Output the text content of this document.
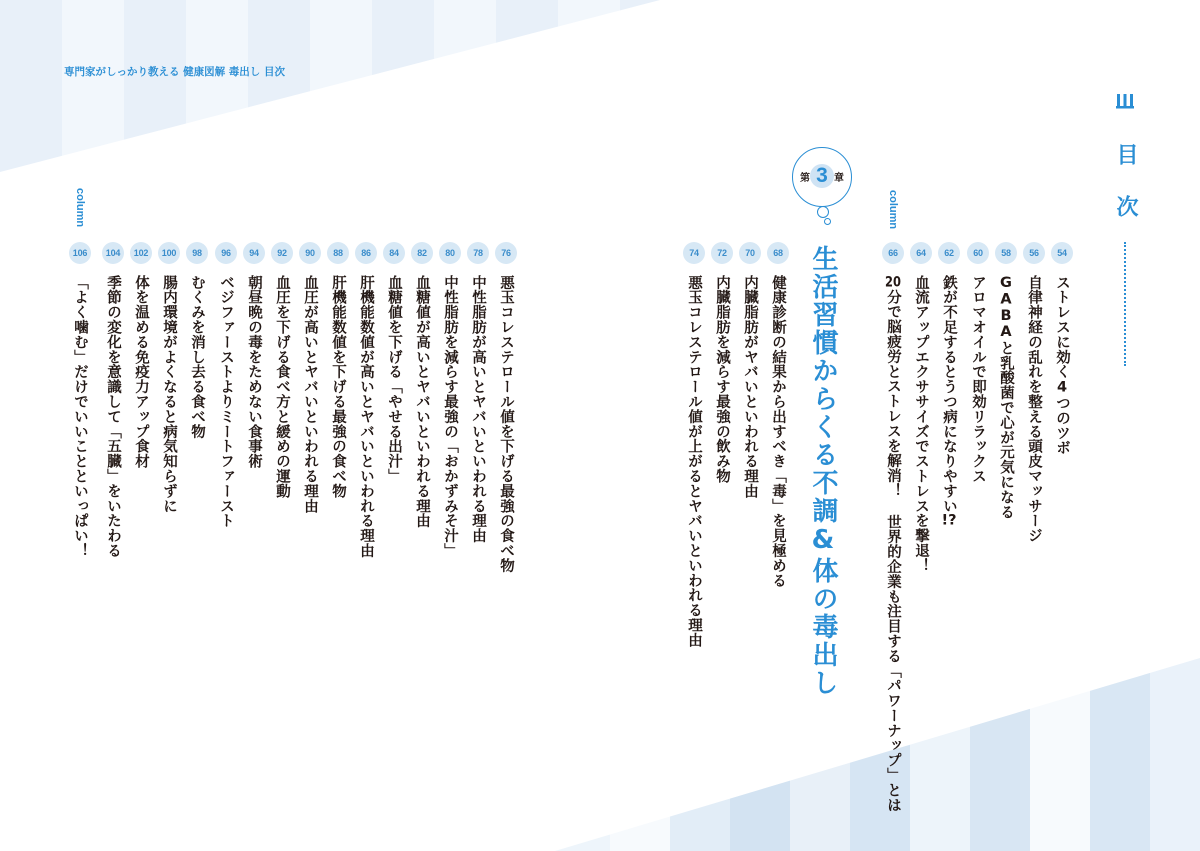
専門家がしっかり教える 健康図解 毒出し 目次
目次
column
column
第 3 章
生活習慣からくる不調&体の毒出し	54
ストレスに効く4つのツボ
56
自律神経の乱れを整える頭皮マッサージ
58
GABAと乳酸菌で心が元気になる
60
アロマオイルで即効リラックス
62
鉄が不足するとうつ病になりやすい!?
64
血流アップエクササイズでストレスを撃退！
66
20分で脳疲労とストレスを解消！ 世界的企業も注目する「パワーナップ」とは
68
健康診断の結果から出すべき「毒」を見極める
70
内臓脂肪がヤバいといわれる理由
72
内臓脂肪を減らす最強の飲み物
74
悪玉コレステロール値が上がるとヤバいといわれる理由
76
悪玉コレステロール値を下げる最強の食べ物
78
中性脂肪が高いとヤバいといわれる理由
80
中性脂肪を減らす最強の「おかずみそ汁」
82
血糖値が高いとヤバいといわれる理由
84
血糖値を下げる「やせる出汁」
86
肝機能数値が高いとヤバいといわれる理由
88
肝機能数値を下げる最強の食べ物
90
血圧が高いとヤバいといわれる理由
92
血圧を下げる食べ方と緩めの運動
94
朝昼晩の毒をためない食事術
96
ベジファーストよりミートファースト
98
むくみを消し去る食べ物
100
腸内環境がよくなると病気知らずに
102
体を温める免疫力アップ食材
104
季節の変化を意識して「五臓」をいたわる
106
「よく噛む」だけでいいことといっぱい！
